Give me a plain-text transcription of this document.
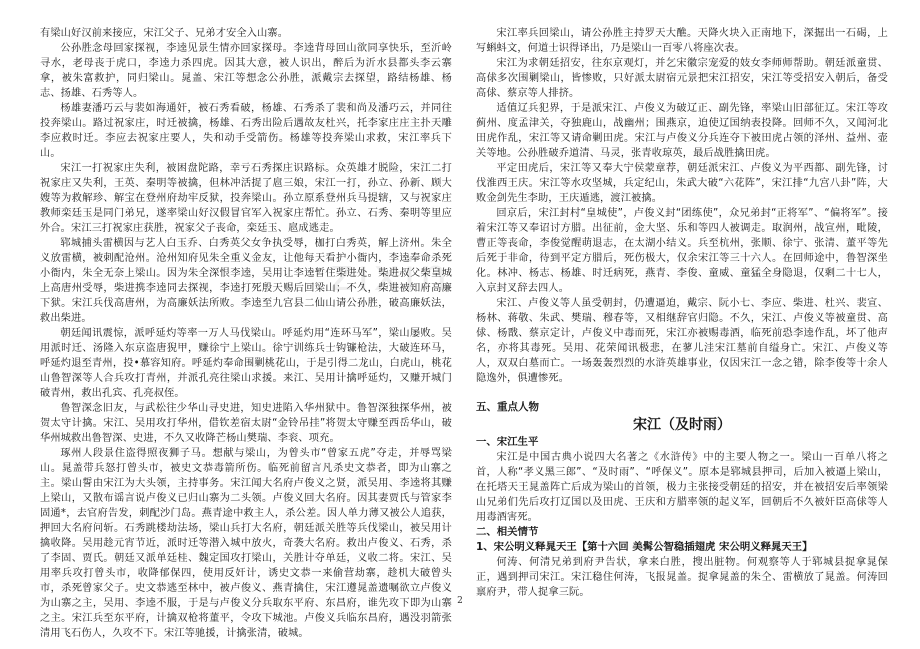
zixin

有梁山好汉前来接应，宋江父子、兄弟才安全入山寨。

公孙胜念母回家探视，李逵见景生情亦回家探母。李逵背母回山欲同享快乐，至沂岭寻水，老母丧于虎口，李逵力杀四虎。因其大意，被人识出，醉后为沂水县都头李云寨拿，被朱富救护，同归梁山。晁盖、宋江等想念公孙胜，派戴宗去探望，路结杨雄、杨志、扬雄、石秀等人。

杨雄妻潘巧云与裴如海通奸，被石秀看破，杨雄、石秀杀了裴和尚及潘巧云，并同往投奔梁山。路过祝家庄，时迁被擒，杨雄、石秀出险后遇故友杜兴，托李家庄庄主扑天雕李应救时迁。李应去祝家庄要人，失和动手受箭伤。杨雄等投奔梁山求救，宋江率兵下山。

宋江一打祝家庄失利，被困盘陀路，幸亏石秀探庄识路标。众英雄才脱险，宋江二打祝家庄又失利，王英、秦明等被擒，但林冲活捉了扈三娘，宋江一打，孙立、孙新、顾大嫂等为救解珍、解宝在登州府劫牢反狱，投奔梁山。孙立原系登州兵马提辖，又与祝家庄教师栾廷玉是同门弟兄，遂率梁山好汉假冒官军入祝家庄帮忙。孙立、石秀、秦明等里应外合。宋江三打祝家庄获胜，祝家父子丧命，栾廷玉、扈成逃走。

郓城捕头雷横因与艺人白玉乔、白秀英父女争执受辱，枷打白秀英，解上济州。朱全义放雷横，被刺配沧州。沧州知府见朱全重义金友，让他每天看护小衙内，李逵奉命杀死小衙内，朱全无奈上梁山。因为朱全深恨李逵，吴用让李逵暂住柴进处。柴进叔父柴皇城上高唐州受辱，柴进携李逵同去探视，李逵打死殷天赐后回梁山；不久，柴进被知府高廉下狱。宋江兵伐高唐州，为高廉妖法所败。李逵至九宫县二仙山请公孙胜，破高廉妖法，救出柴进。

朝廷闻讯震惊，派呼延灼等率一万人马伐梁山。呼延灼用“连环马军”，梁山屡败。吴用派时迁、汤隆入东京盗唐猊甲，赚徐宁上梁山。徐宁训练兵士钩镰枪法，大破连环马，呼延灼退至青州，投•慕容知府。呼延灼奉命围剿桃花山，于是引得二龙山，白虎山，桃花山鲁智深等人合兵攻打青州，并派孔亮往梁山求援。来江、吴用计擒呼延灼，又赚开城门破青州，救出孔宾、孔亮叔侄。

鲁智深念旧友，与武松往少华山寻史进，知史进陷入华州狱中。鲁智深独探华州，被贺太守计擒。宋江、吴用攻打华州，借钦差宿太尉“金铃吊挂”将贺太守赚至西岳华山，破华州城救出鲁智深、史进，不久又收降芒杨山樊瑞、李衮、项充。

琢州人段景住盗得照夜狮子马。想献与梁山，为曾头市“曾家五虎”夺走，并辱骂梁山。晁盖带兵怒打曾头市，被史文恭毒箭所伤。临死前留言凡杀史文恭者，即为山寨之主。梁山誓由宋江为大头领，主持事务。宋江闻大名府卢俊义之贤，派吴用、李逵将其赚上梁山，又散布谣言说卢俊义已归山寨为二头领。卢俊义回大名府。因其妻贾氏与管家李固通*，去官府告发，刺配沙门岛。燕青途中救主人，杀公差。因人单力薄又被公人追获，押回大名府问斩。石秀跳楼劫法场，梁山兵打大名府，朝廷派关胜等兵伐梁山，被吴用计擒收降。吴用趁元宵节近，派时迁等潜入城中放火，奇袭大名府。救出卢俊义、石秀，杀了李固、贾氏。朝廷又派单廷桂、魏定国攻打梁山，关胜计夺单廷，义收二将。宋江、吴用率兵攻打曾头市，收降郁保四，使用反奸计，诱史文恭一来偷营劫寨，趁机大破曾头市，杀死曾家父子。史文恭逃至林中，被卢俊义、燕青擒住，宋江遵晁盖遗嘱欲立卢俊义为山寨之主，吴用、李逵不服，于是与卢俊义分兵取东平府、东昌府，谁先攻下即为山寨之主。宋江兵至东平府，计擒双枪将董平，令攻下城池。卢俊义兵临东昌府，遇没羽箭张清用飞石伤人，久攻不下。宋江等驰援，计擒张清，破城。

宋江率兵回梁山，请公孙胜主持罗天大醮。天降火块入正南地下，深掘出一石碣，上写蝌蚪文，何道士识得译出，乃是梁山一百零八将座次表。

宋江为求朝廷招安，往东京观灯，并乞宋徽宗宠爱的妓女李师师帮助。朝廷派童贯、高俅多次围剿梁山，皆惨败，只好派太尉宿元景把宋江招安，宋江等受招安入朝后，备受高俅、蔡京等人排挤。

适值辽兵犯界，于是派宋江、卢俊义为破辽正、副先锋，率梁山旧部征辽。宋江等攻蓟州、度孟津关，夺独鹿山，战幽州；围燕京，迫使辽国纳表投降。回师不久，又闻河北田虎作乱，宋江等又请命剿田虎。宋江与卢俊义分兵连夺下被田虎占领的泽州、益州、壶关等地。公孙胜破乔道清、马灵，张青收琼英，最后战胜擒田虎。

平定田虎后，宋江等又奉大宁侯蒙章荐，朝廷派宋江、卢俊义为平西都、副先锋，讨伐淮西王庆。宋江等水攻坚城，兵定纪山，朱武大破“六花阵”，宋江排“九宫八卦”阵，大败金剑先生李助，王庆遁逃，渡江被擒。

回京后，宋江封村“皇城使”，卢俊义封“团练使”，众兄弟封“正将军”、“偏将军”。接着宋江等又奉诏讨方腊。出征前，金大坚、乐和等四人被调走。取润州，战宣州，毗陵，曹正等丧命，李俊觉醒萌退志，在太湖小结义。兵至杭州，张顺、徐宁、张清、董平等先后死于非命，待到平定方腊后，死伤极大，仅余宋江等三十六人。在回师途中，鲁智深坐化。林冲、杨志、杨雄、时迁病死，燕青、李俊、童威、童猛全身隐退，仅剩二十七人，入京封叉辞去四人。

宋江、卢俊义等人虽受朝封，仍遭逼迫，戴宗、阮小七、李应、柴进、杜兴、裴宣、杨林、蒋敬、朱武、樊瑞、穆春等，又相继辞官归隐。不久，宋江、卢俊义等被童贯、高俅、杨戬、蔡京定计，卢俊义中毒而死，宋江亦被赐毒酒，临死前恐李逵作乱，坏了他声名，亦将其毒死。吴用、花荣闻讯极悲，在蓼儿洼宋江墓前自缢身亡。宋江、卢俊义等人，双双白墓而亡。一场轰轰烈烈的水浒英雄事业，仅因宋江一念之错，除李俊等十余人隐逸外，俱遭惨死。

五、重点人物
宋江（及时雨）
一、宋江生平

宋江是中国古典小说四大名著之《水浒传》中的主要人物之一。梁山一百单八将之首，人称“孝义黑三郎”、“及时雨”、“呼保义”。原本是郓城县押司，后加入被逼上梁山，在托塔天王晁盖阵亡后成为梁山的首领，极力主张接受朝廷的招安，并在被招安后率领梁山兄弟们先后攻打辽国以及田虎、王庆和方腊率领的起义军，回朝后不久被奸臣高俅等人用毒酒害死。

二、相关情节
1、宋公明义释晁天王【第十六回 美髯公智稳插翅虎 宋公明义释晁天王】

何涛、何清兄弟到府尹告状，拿来白胜，搜出脏物。何观察等人于郓城县捉拿晁保正，遇到押司宋江。宋江稳住何涛，飞报晁盖。捉拿晁盖的朱仝、雷横放了晁盖。何涛回禀府尹，带人捉拿三阮。

2
